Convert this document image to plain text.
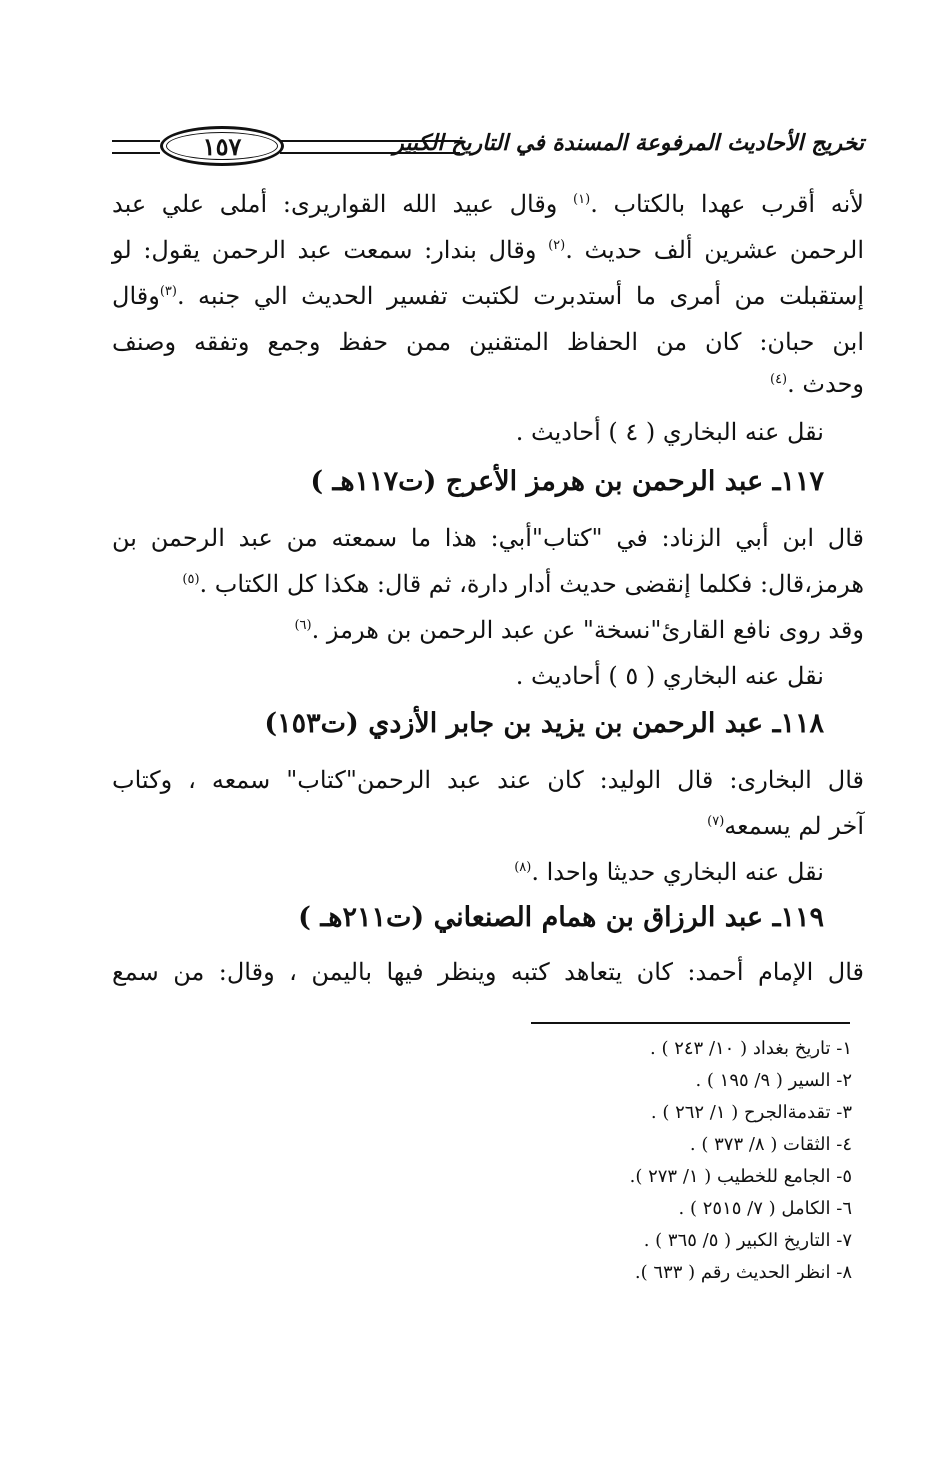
تخريج الأحاديث المرفوعة المسندة في التاريخ الكبير
١٥٧
لأنه أقرب عهدا بالكتاب .$^{(١)}$ وقال عبيد الله القواريرى: أملى علي عبد
الرحمن عشرين ألف حديث .$^{(٢)}$ وقال بندار: سمعت عبد الرحمن يقول: لو
إستقبلت من أمرى ما أستدبرت لكتبت تفسير الحديث الي جنبه .$^{(٣)}$وقال
ابن حبان: كان من الحفاظ المتقنين ممن حفظ وجمع وتفقه وصنف
وحدث .$^{(٤)}$
نقل عنه البخاري ( ٤ ) أحاديث .
١١٧ـ عبد الرحمن بن هرمز الأعرج (ت١١٧هـ )
قال ابن أبي الزناد: في "كتاب"أبي: هذا ما سمعته من عبد الرحمن بن
هرمز،قال: فكلما إنقضى حديث أدار دارة، ثم قال: هكذا كل الكتاب .$^{(٥)}$
وقد روى نافع القارئ"نسخة" عن عبد الرحمن بن هرمز .$^{(٦)}$
نقل عنه البخاري ( ٥ ) أحاديث .
١١٨ـ عبد الرحمن بن يزيد بن جابر الأزدي (ت١٥٣)
قال البخارى: قال الوليد: كان عند عبد الرحمن"كتاب" سمعه ، وكتاب
آخر لم يسمعه$^{(٧)}$
نقل عنه البخاري حديثا واحدا .$^{(٨)}$
١١٩ـ عبد الرزاق بن همام الصنعاني (ت٢١١هـ )
قال الإمام أحمد: كان يتعاهد كتبه وينظر فيها باليمن ، وقال: من سمع
١- تاريخ بغداد ( ١٠/ ٢٤٣ ) .
٢- السير ( ٩/ ١٩٥ ) .
٣- تقدمةالجرح ( ١/ ٢٦٢ ) .
٤- الثقات ( ٨/ ٣٧٣ ) .
٥- الجامع للخطيب ( ١/ ٢٧٣ ).
٦- الكامل ( ٧/ ٢٥١٥ ) .
٧- التاريخ الكبير ( ٥/ ٣٦٥ ) .
٨- انظر الحديث رقم ( ٦٣٣ ).
